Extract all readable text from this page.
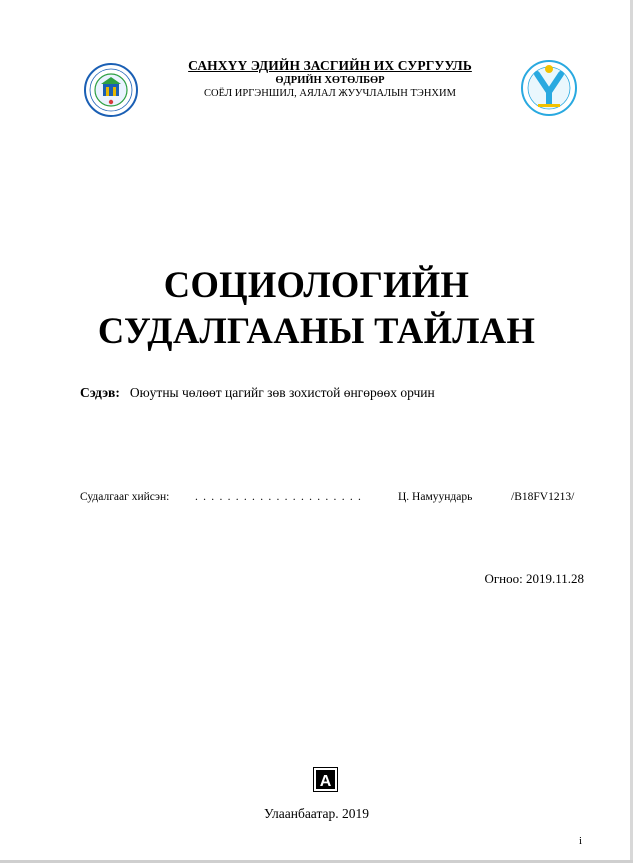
САНХҮҮ ЭДИЙН ЗАСГИЙН ИХ СУРГУУЛЬ
ӨДРИЙН ХӨТӨЛБӨР
СОЁЛ ИРГЭНШИЛ, АЯЛАЛ ЖУУЧЛАЛЫН ТЭНХИМ
СОЦИОЛОГИЙН
СУДАЛГААНЫ ТАЙЛАН
Сэдэв: Оюутны чөлөөт цагийг зөв зохистой өнгөрөөх орчин
Судалгааг хийсэн: . . . . . . . . . . . . . . . . . . . . .	Ц. Намуундарь	/B18FV1213/
Огноо: 2019.11.28
A
Улаанбаатар. 2019
i
